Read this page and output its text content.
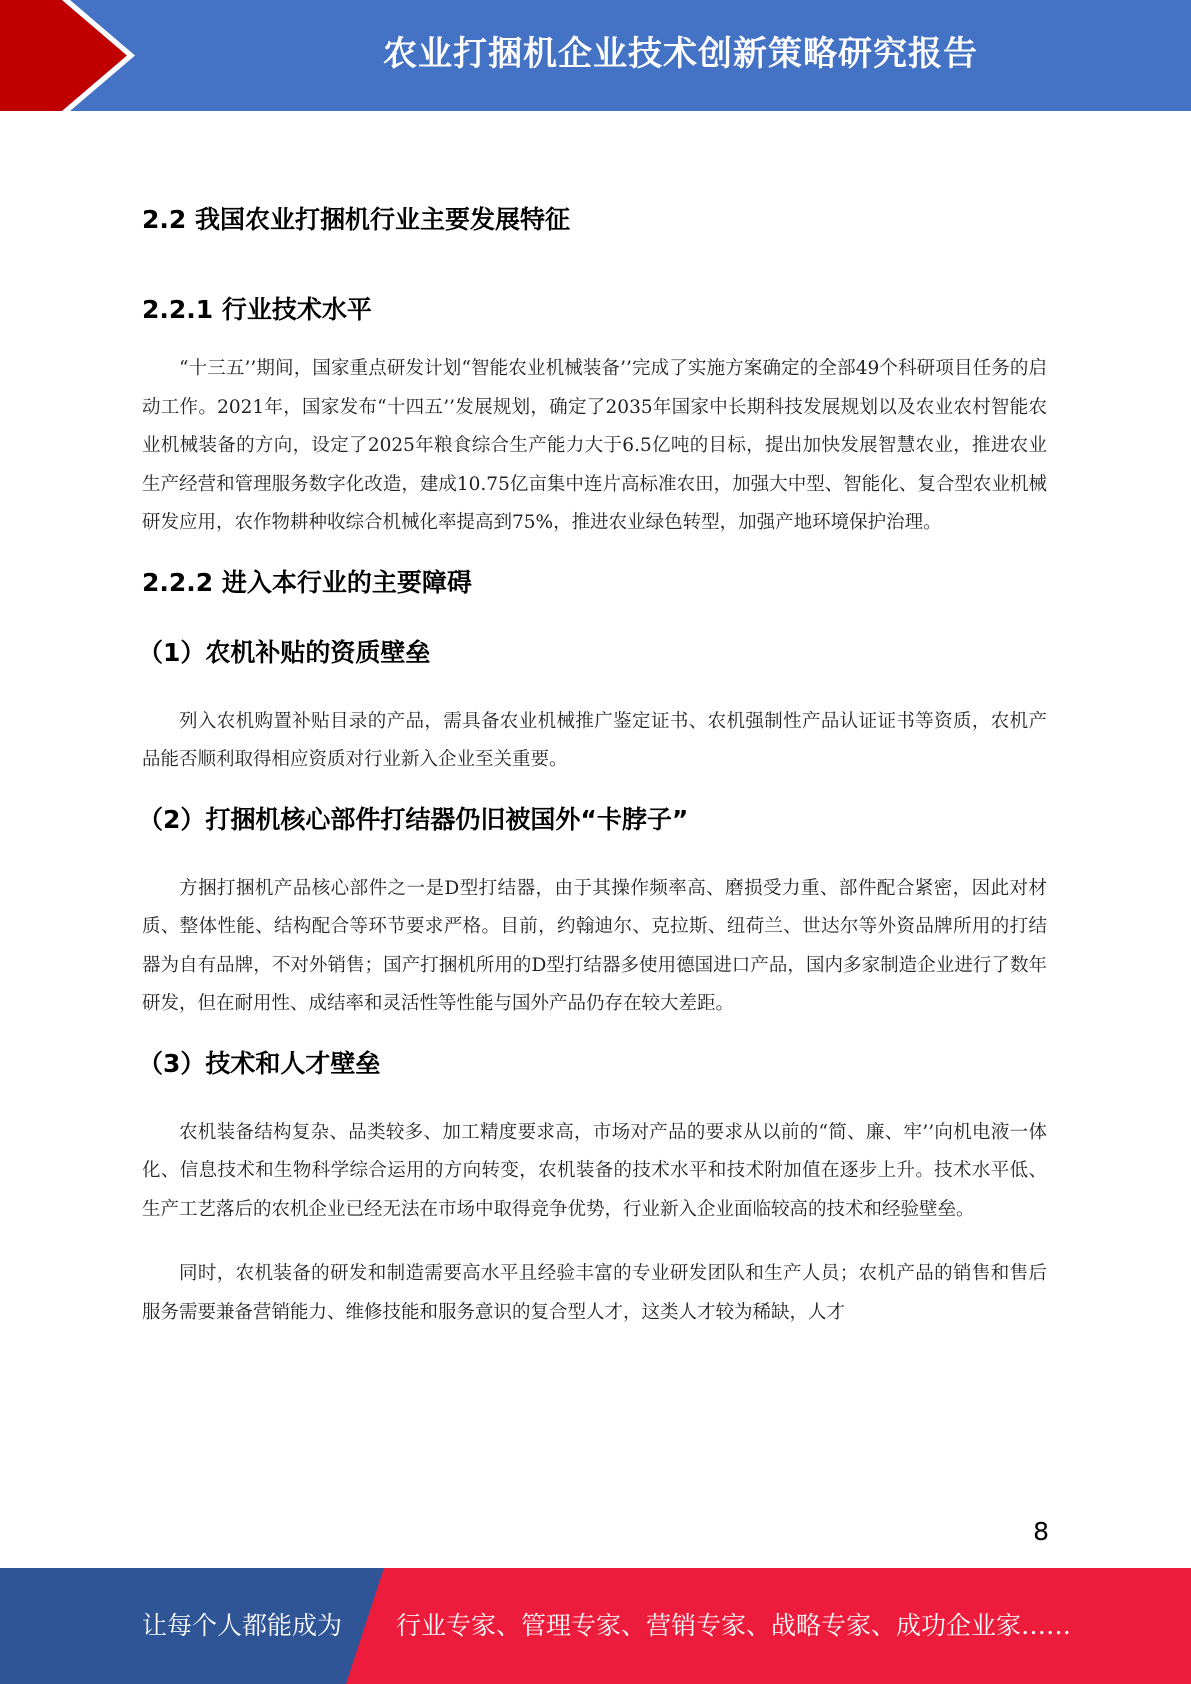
农业打捆机企业技术创新策略研究报告
2.2 我国农业打捆机行业主要发展特征
2.2.1 行业技术水平

“十三五’’期间，国家重点研发计划“智能农业机械装备’’完成了实施方案确定的全部49个科研项目任务的启动工作。2021年，国家发布“十四五’’发展规划，确定了2035年国家中长期科技发展规划以及农业农村智能农业机械装备的方向，设定了2025年粮食综合生产能力大于6.5亿吨的目标，提出加快发展智慧农业，推进农业生产经营和管理服务数字化改造，建成10.75亿亩集中连片高标准农田，加强大中型、智能化、复合型农业机械研发应用，农作物耕种收综合机械化率提高到75%，推进农业绿色转型，加强产地环境保护治理。

2.2.2 进入本行业的主要障碍
（1）农机补贴的资质壁垒

列入农机购置补贴目录的产品，需具备农业机械推广鉴定证书、农机强制性产品认证证书等资质，农机产品能否顺利取得相应资质对行业新入企业至关重要。

（2）打捆机核心部件打结器仍旧被国外“卡脖子”

方捆打捆机产品核心部件之一是D型打结器，由于其操作频率高、磨损受力重、部件配合紧密，因此对材质、整体性能、结构配合等环节要求严格。目前，约翰迪尔、克拉斯、纽荷兰、世达尔等外资品牌所用的打结器为自有品牌，不对外销售；国产打捆机所用的D型打结器多使用德国进口产品，国内多家制造企业进行了数年研发，但在耐用性、成结率和灵活性等性能与国外产品仍存在较大差距。

（3）技术和人才壁垒

农机装备结构复杂、品类较多、加工精度要求高，市场对产品的要求从以前的“简、廉、牢’’向机电液一体化、信息技术和生物科学综合运用的方向转变，农机装备的技术水平和技术附加值在逐步上升。技术水平低、生产工艺落后的农机企业已经无法在市场中取得竞争优势，行业新入企业面临较高的技术和经验壁垒。

同时，农机装备的研发和制造需要高水平且经验丰富的专业研发团队和生产人员；农机产品的销售和售后服务需要兼备营销能力、维修技能和服务意识的复合型人才，这类人才较为稀缺，人才

8
让每个人都能成为 行业专家、管理专家、营销专家、战略专家、成功企业家……
